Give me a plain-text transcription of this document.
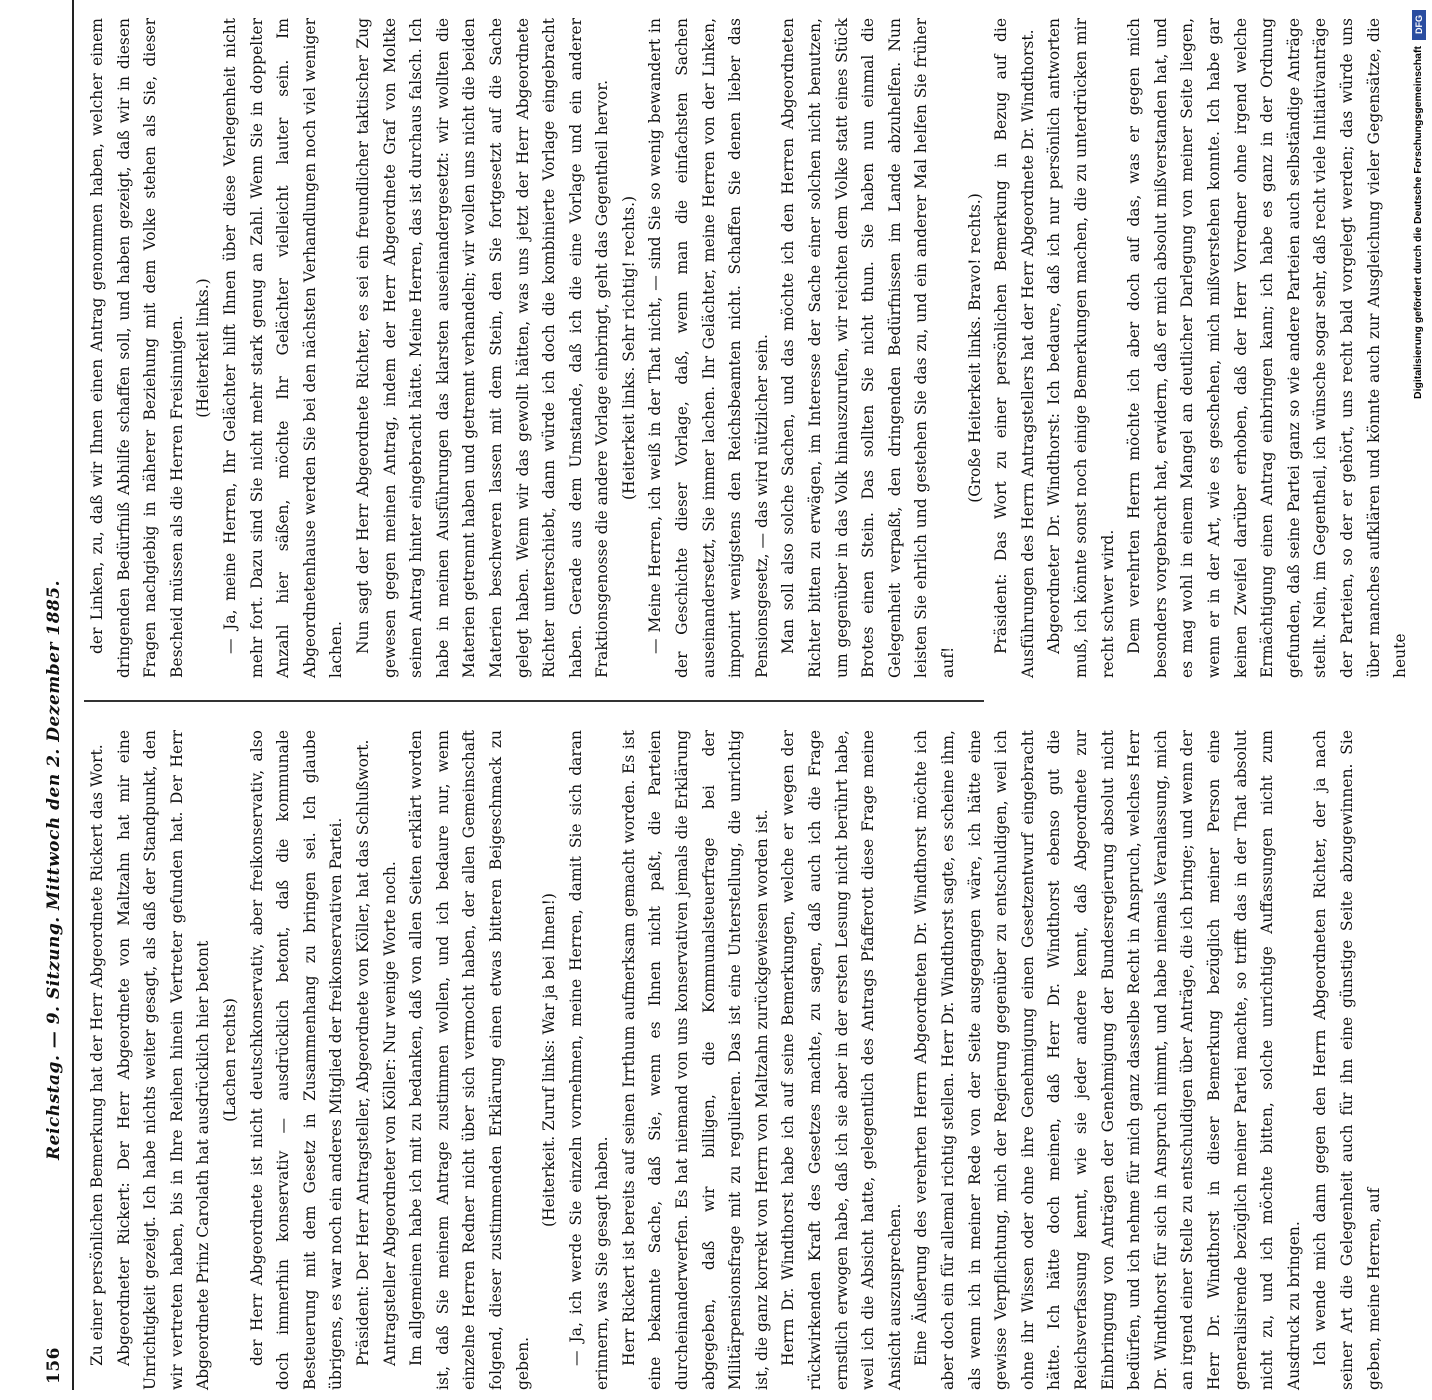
156
Reichstag. — 9. Sitzung. Mittwoch den 2. Dezember 1885. Zu einer persönlichen Bemerkung hat der Herr Abgeordnete Rickert das Wort. Abgeordneter Rickert: Der Herr Abgeordnete von Maltzahn hat mir eine Unrichtigkeit gezeigt. Ich habe nichts weiter gesagt, als daß der Standpunkt, den wir vertreten haben, bis in Ihre Reihen hinein Vertreter gefunden hat. Der Herr Abgeordnete Prinz Carolath hat ausdrücklich hier betont (Lachen rechts) der Herr Abgeordnete ist nicht deutschkonservativ, aber freikonservativ, also doch immerhin konservativ — ausdrücklich betont, daß die kommunale Besteuerung mit dem Gesetz in Zusammenhang zu bringen sei. Ich glaube übrigens, es war noch ein anderes Mitglied der freikonservativen Partei. Präsident: Der Herr Antragsteller, Abgeordnete von Köller, hat das Schlußwort. Antragsteller Abgeordneter von Köller: Nur wenige Worte noch. Im allgemeinen habe ich mit zu bedanken, daß von allen Seiten erklärt worden ist, daß Sie meinem Antrage zustimmen wollen, und ich bedaure nur, wenn einzelne Herren Redner nicht über sich vermocht haben, der allen Gemeinschaft folgend, dieser zustimmenden Erklärung einen etwas bitteren Beigeschmack zu geben.

(Heiterkeit. Zuruf links: War ja bei Ihnen!) — Ja, ich werde Sie einzeln vornehmen, meine Herren, damit Sie sich daran erinnern, was Sie gesagt haben. Herr Rickert ist bereits auf seinen Irrthum aufmerksam gemacht worden. Es ist eine bekannte Sache, daß Sie, wenn es Ihnen nicht paßt, die Parteien durcheinanderwerfen. Es hat niemand von uns konservativen jemals die Erklärung abgegeben, daß wir billigen, die Kommunalsteuerfrage bei der Militärpensionsfrage mit zu regulieren. Das ist eine Unterstellung, die unrichtig ist, die ganz korrekt von Herrn von Maltzahn zurückgewiesen worden ist. Herrn Dr. Windthorst habe ich auf seine Bemerkungen, welche er wegen der rückwirkenden Kraft des Gesetzes machte, zu sagen, daß auch ich die Frage ernstlich erwogen habe, daß ich sie aber in der ersten Lesung nicht berührt habe, weil ich die Absicht hatte, gelegentlich des Antrags Pfafferott diese Frage meine Ansicht auszusprechen. Eine Äußerung des verehrten Herrn Abgeordneten Dr. Windthorst möchte ich aber doch ein für allemal richtig stellen. Herr Dr. Windthorst sagte, es scheine ihm, als wenn ich in meiner Rede von der Seite ausgegangen wäre, ich hätte eine gewisse Verpflichtung, mich der Regierung gegenüber zu entschuldigen, weil ich ohne ihr Wissen oder ohne ihre Genehmigung einen Gesetzentwurf eingebracht hätte. Ich hätte doch meinen, daß Herr Dr. Windthorst ebenso gut die Reichsverfassung kennt, wie sie jeder andere kennt, daß Abgeordnete zur Einbringung von Anträgen der Genehmigung der Bundesregierung absolut nicht bedürfen, und ich nehme für mich ganz dasselbe Recht in Anspruch, welches Herr Dr. Windthorst für sich in Anspruch nimmt, und habe niemals Veranlassung, mich an irgend einer Stelle zu entschuldigen über Anträge, die ich bringe; und wenn der Herr Dr. Windthorst in dieser Bemerkung bezüglich meiner Person eine generalisirende bezüglich meiner Partei machte, so trifft das in der That absolut nicht zu, und ich möchte bitten, solche unrichtige Auffassungen nicht zum Ausdruck zu bringen. Ich wende mich dann gegen den Herrn Abgeordneten Richter, der ja nach seiner Art die Gelegenheit auch für ihn eine günstige Seite abzugewinnen. Sie geben, meine Herren, auf

der Linken, zu, daß wir Ihnen einen Antrag genommen haben, welcher einem dringenden Bedürfniß Abhilfe schaffen soll, und haben gezeigt, daß wir in diesen Fragen nachgiebig in näherer Beziehung mit dem Volke stehen als Sie, dieser Bescheid müssen als die Herren Freisinnigen. (Heiterkeit links.) — Ja, meine Herren, Ihr Gelächter hilft Ihnen über diese Verlegenheit nicht mehr fort. Dazu sind Sie nicht mehr stark genug an Zahl. Wenn Sie in doppelter Anzahl hier säßen, möchte Ihr Gelächter vielleicht lauter sein. Im Abgeordnetenhause werden Sie bei den nächsten Verhandlungen noch viel weniger lachen. Nun sagt der Herr Abgeordnete Richter, es sei ein freundlicher taktischer Zug gewesen gegen meinen Antrag, indem der Herr Abgeordnete Graf von Moltke seinen Antrag hinter eingebracht hätte. Meine Herren, das ist durchaus falsch. Ich habe in meinen Ausführungen das klarsten auseinandergesetzt: wir wollten die Materien getrennt haben und getrennt verhandeln; wir wollen uns nicht die beiden Materien beschweren lassen mit dem Stein, den Sie fortgesetzt auf die Sache gelegt haben. Wenn wir das gewollt hätten, was uns jetzt der Herr Abgeordnete Richter unterschiebt, dann würde ich doch die kombinierte Vorlage eingebracht haben. Gerade aus dem Umstande, daß ich die eine Vorlage und ein anderer Fraktionsgenosse die andere Vorlage einbringt, geht das Gegentheil hervor. (Heiterkeit links. Sehr richtig! rechts.) — Meine Herren, ich weiß in der That nicht, — sind Sie so wenig bewandert in der Geschichte dieser Vorlage, daß, wenn man die einfachsten Sachen auseinandersetzt, Sie immer lachen. Ihr Gelächter, meine Herren von der Linken, imponirt wenigstens den Reichsbeamten nicht. Schaffen Sie denen lieber das Pensionsgesetz, — das wird nützlicher sein. Man soll also solche Sachen, und das möchte ich den Herren Abgeordneten Richter bitten zu erwägen, im Interesse der Sache einer solchen nicht benutzen, um gegenüber in das Volk hinauszurufen, wir reichten dem Volke statt eines Stück Brotes einen Stein. Das sollten Sie nicht thun. Sie haben nun einmal die Gelegenheit verpaßt, den dringenden Bedürfnissen im Lande abzuhelfen. Nun leisten Sie ehrlich und gestehen Sie das zu, und ein anderer Mal helfen Sie früher auf!

(Große Heiterkeit links. Bravo! rechts.) Präsident: Das Wort zu einer persönlichen Bemerkung in Bezug auf die Ausführungen des Herrn Antragstellers hat der Herr Abgeordnete Dr. Windthorst. Abgeordneter Dr. Windthorst: Ich bedaure, daß ich nur persönlich antworten muß, ich könnte sonst noch einige Bemerkungen machen, die zu unterdrücken mir recht schwer wird. Dem verehrten Herrn möchte ich aber doch auf das, was er gegen mich besonders vorgebracht hat, erwidern, daß er mich absolut mißverstanden hat, und es mag wohl in einem Mangel an deutlicher Darlegung von meiner Seite liegen, wenn er in der Art, wie es geschehen, mich mißverstehen konnte. Ich habe gar keinen Zweifel darüber erhoben, daß der Herr Vorredner ohne irgend welche Ermächtigung einen Antrag einbringen kann; ich habe es ganz in der Ordnung gefunden, daß seine Partei ganz so wie andere Parteien auch selbständige Anträge stellt. Nein, im Gegentheil, ich wünsche sogar sehr, daß recht viele Initiativanträge der Parteien, so der er gehört, uns recht bald vorgelegt werden; das würde uns über manches aufklären und könnte auch zur Ausgleichung vieler Gegensätze, die heute

DFG
Digitalisierung gefördert durch die Deutsche Forschungsgemeinschaft
